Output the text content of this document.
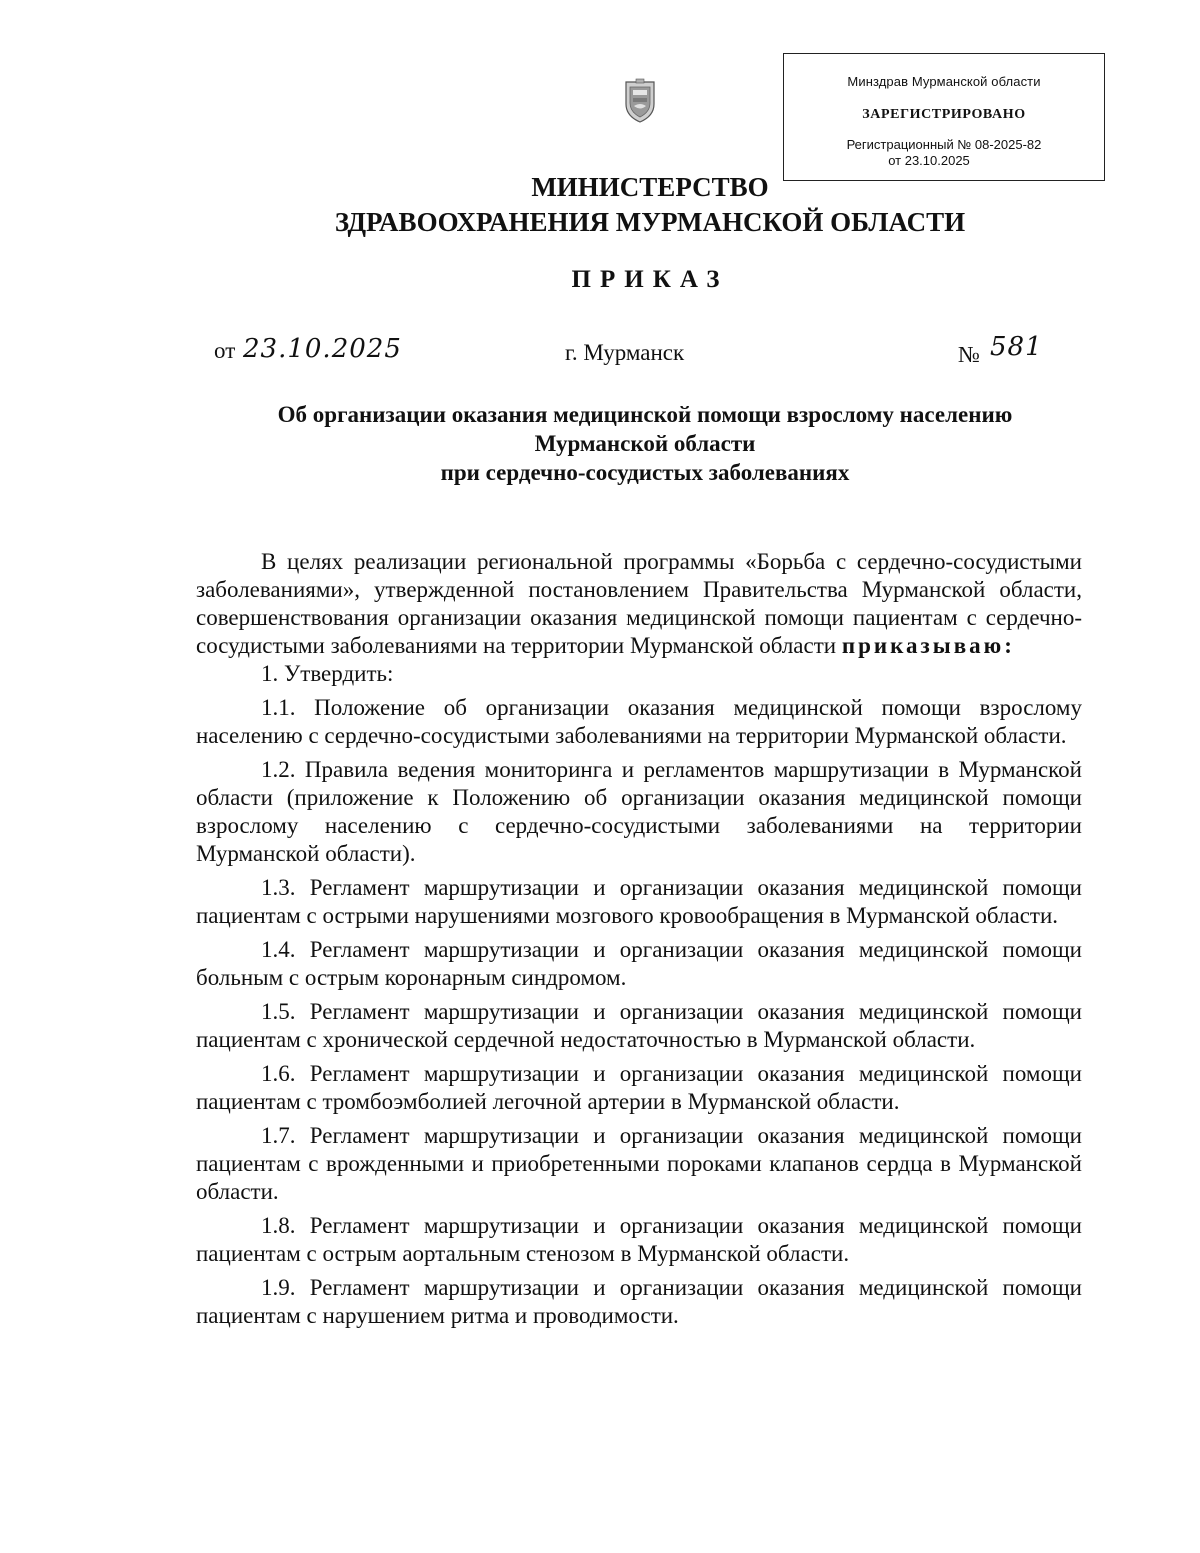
Минздрав Мурманской области
ЗАРЕГИСТРИРОВАНО
Регистрационный № 08-2025-82
от 23.10.2025
МИНИСТЕРСТВО
ЗДРАВООХРАНЕНИЯ МУРМАНСКОЙ ОБЛАСТИ
ПРИКАЗ
от 23.10.2025	г. Мурманск	№ 581
Об организации оказания медицинской помощи взрослому населению
Мурманской области
при сердечно-сосудистых заболеваниях

В целях реализации региональной программы «Борьба с сердечно-сосудистыми заболеваниями», утвержденной постановлением Правительства Мурманской области, совершенствования организации оказания медицинской помощи пациентам с сердечно-сосудистыми заболеваниями на территории Мурманской области приказываю:

1. Утвердить:

1.1. Положение об организации оказания медицинской помощи взрослому населению с сердечно-сосудистыми заболеваниями на территории Мурманской области.

1.2. Правила ведения мониторинга и регламентов маршрутизации в Мурманской области (приложение к Положению об организации оказания медицинской помощи взрослому населению с сердечно-сосудистыми заболеваниями на территории Мурманской области).

1.3. Регламент маршрутизации и организации оказания медицинской помощи пациентам с острыми нарушениями мозгового кровообращения в Мурманской области.

1.4. Регламент маршрутизации и организации оказания медицинской помощи больным с острым коронарным синдромом.

1.5. Регламент маршрутизации и организации оказания медицинской помощи пациентам с хронической сердечной недостаточностью в Мурманской области.

1.6. Регламент маршрутизации и организации оказания медицинской помощи пациентам с тромбоэмболией легочной артерии в Мурманской области.

1.7. Регламент маршрутизации и организации оказания медицинской помощи пациентам с врожденными и приобретенными пороками клапанов сердца в Мурманской области.

1.8. Регламент маршрутизации и организации оказания медицинской помощи пациентам с острым аортальным стенозом в Мурманской области.

1.9. Регламент маршрутизации и организации оказания медицинской помощи пациентам с нарушением ритма и проводимости.
